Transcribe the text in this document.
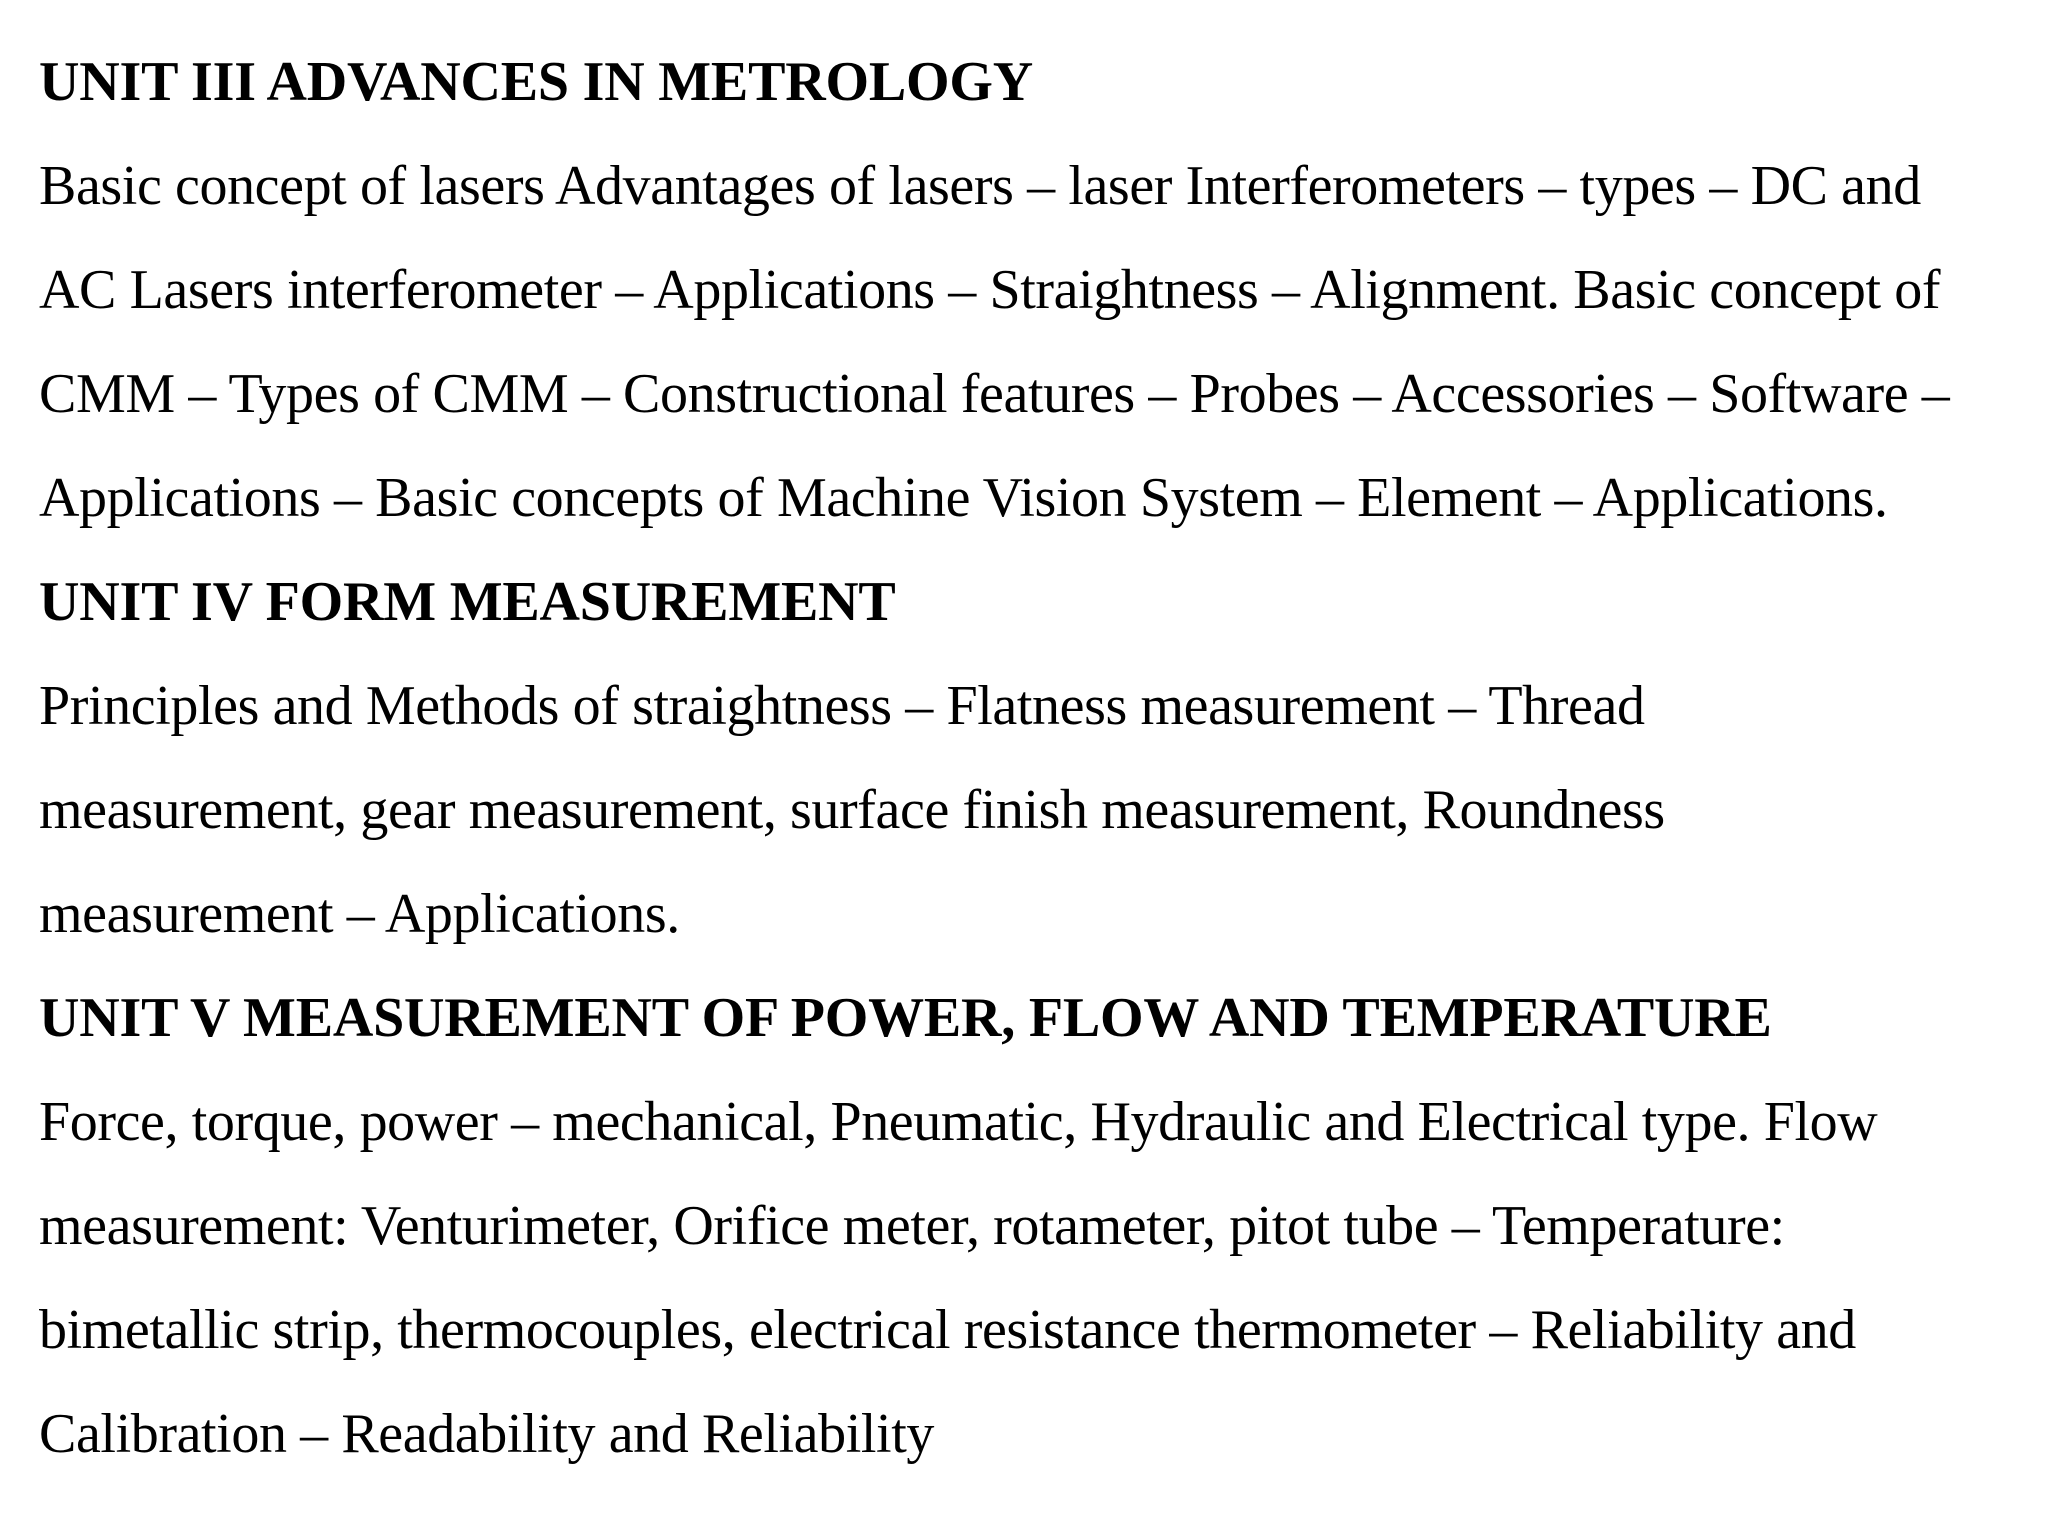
UNIT III ADVANCES IN METROLOGY
Basic concept of lasers Advantages of lasers – laser Interferometers – types – DC and
AC Lasers interferometer – Applications – Straightness – Alignment. Basic concept of
CMM – Types of CMM – Constructional features – Probes – Accessories – Software –
Applications – Basic concepts of Machine Vision System – Element – Applications.
UNIT IV FORM MEASUREMENT
Principles and Methods of straightness – Flatness measurement – Thread
measurement, gear measurement, surface finish measurement, Roundness
measurement – Applications.
UNIT V MEASUREMENT OF POWER, FLOW AND TEMPERATURE
Force, torque, power – mechanical, Pneumatic, Hydraulic and Electrical type. Flow
measurement: Venturimeter, Orifice meter, rotameter, pitot tube – Temperature:
bimetallic strip, thermocouples, electrical resistance thermometer – Reliability and
Calibration – Readability and Reliability
